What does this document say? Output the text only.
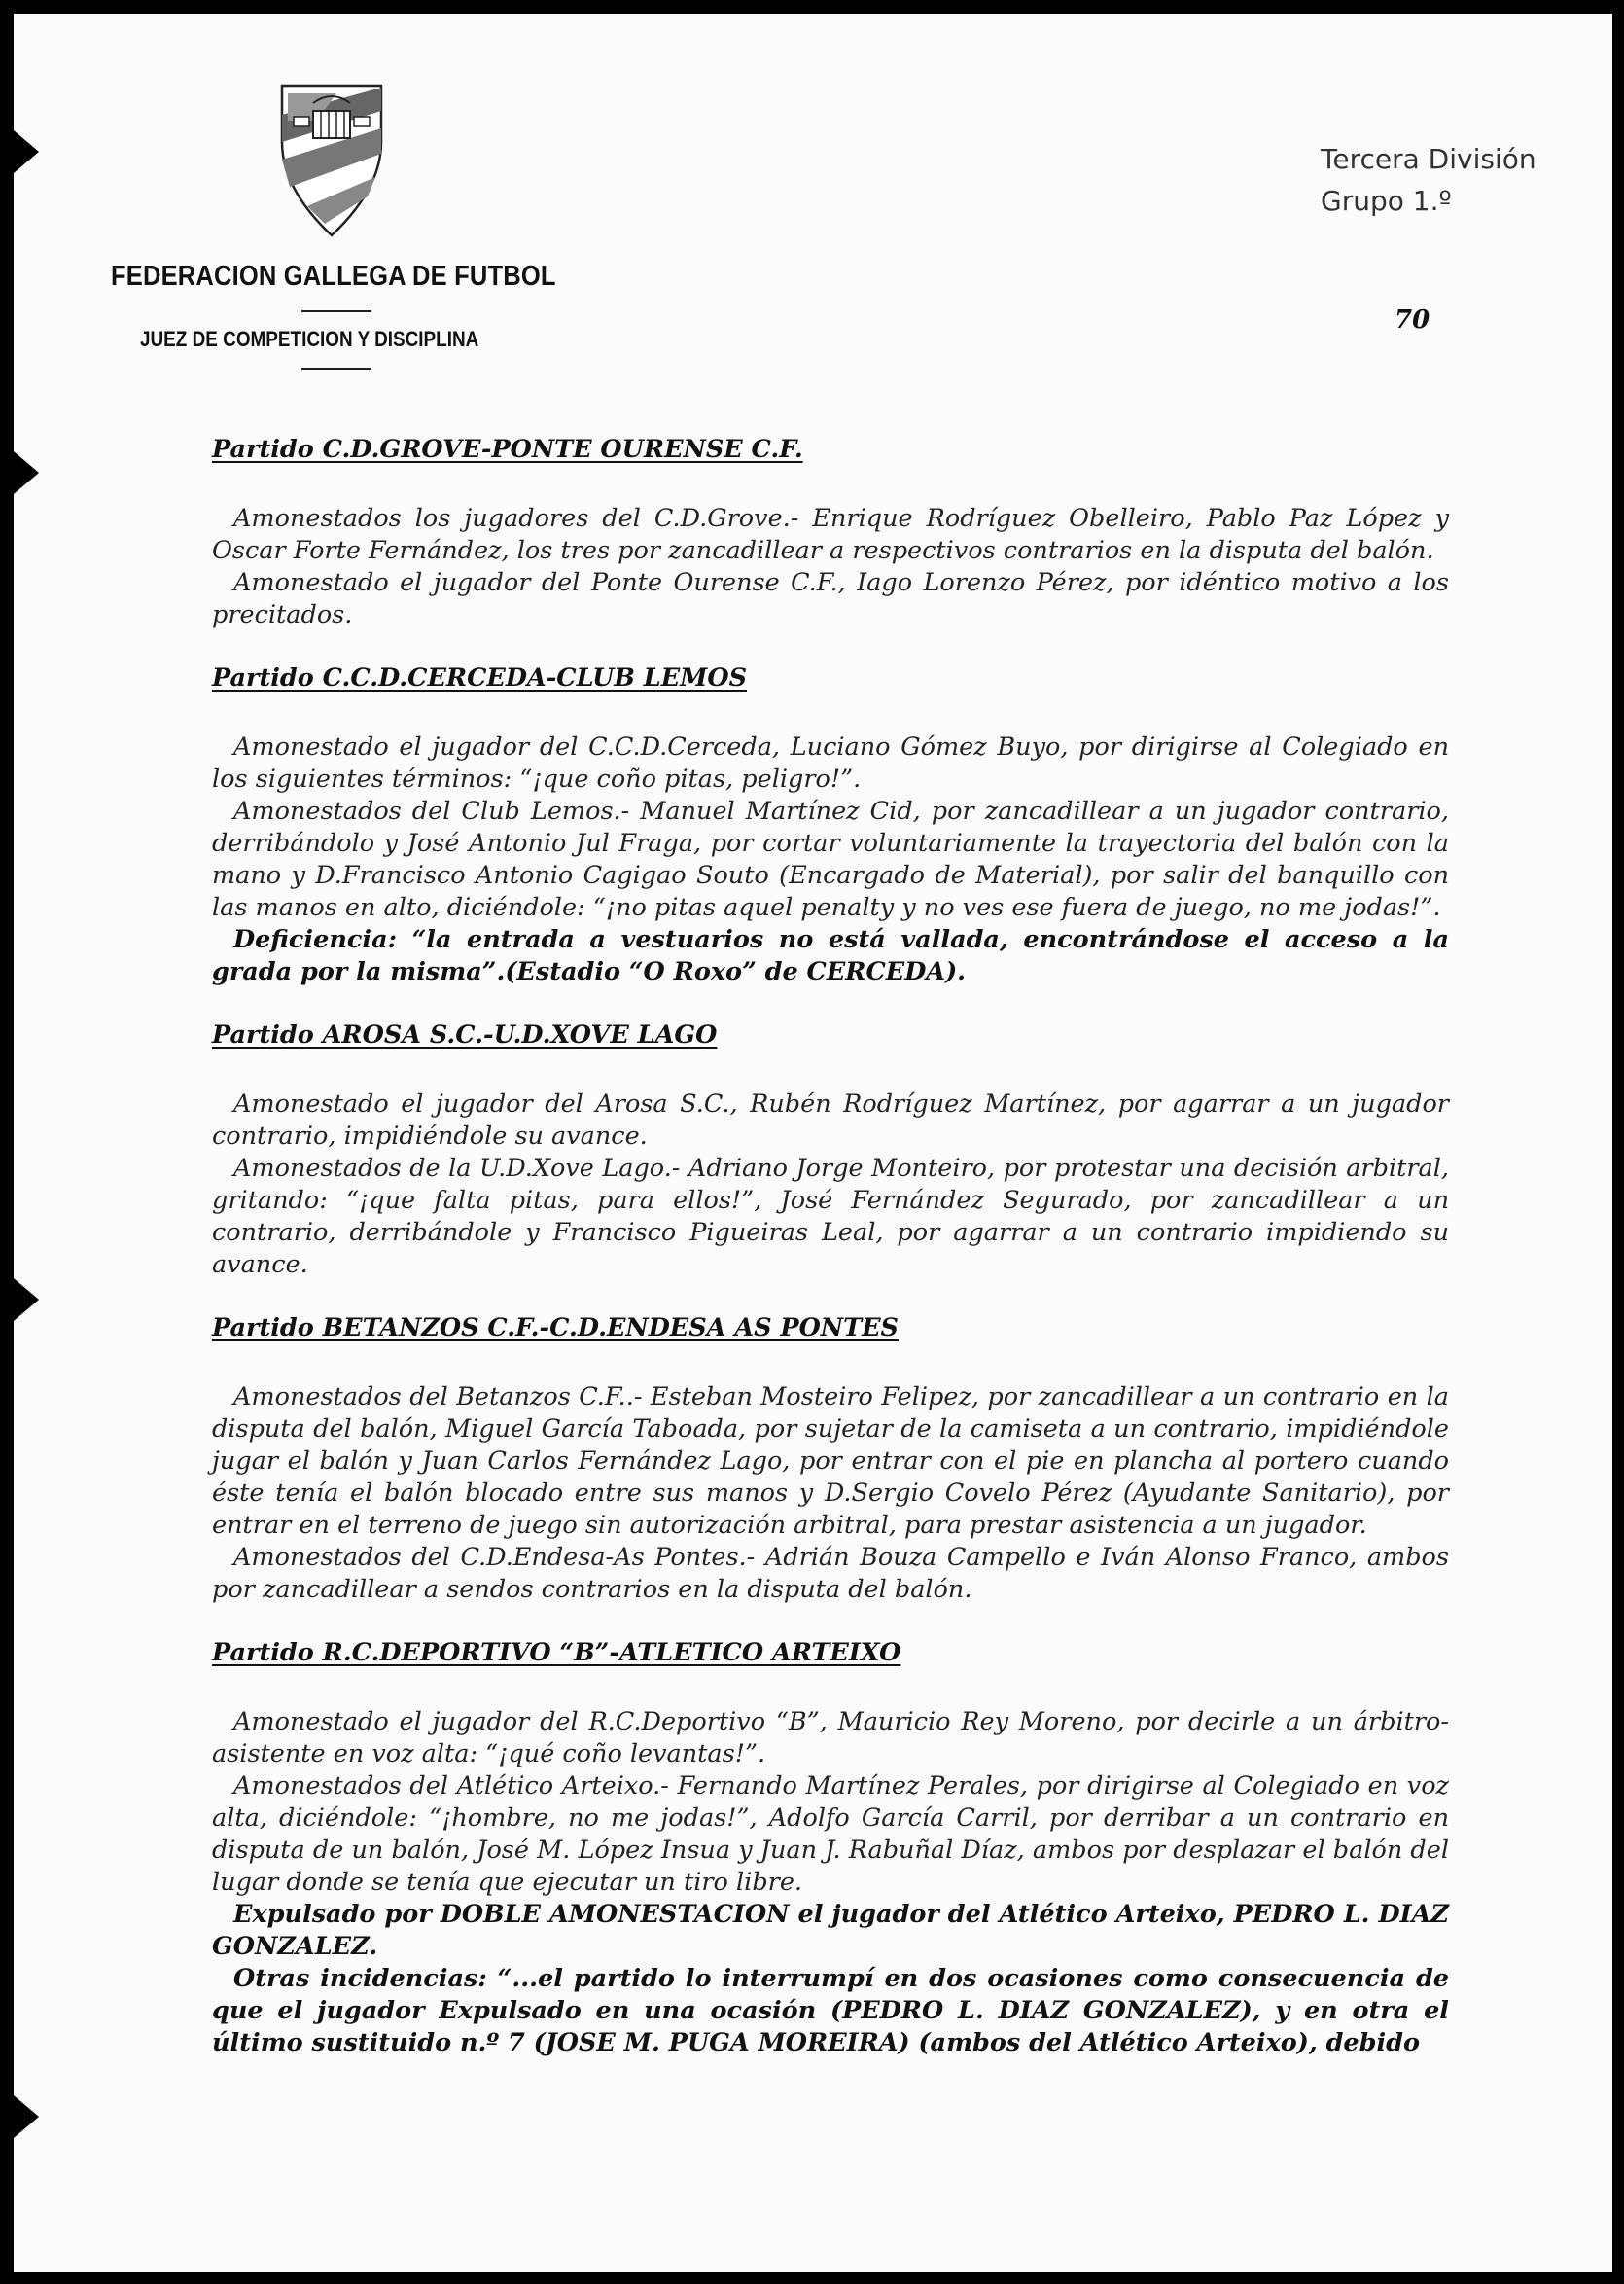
FEDERACION GALLEGA DE FUTBOL
JUEZ DE COMPETICION Y DISCIPLINA
Tercera División
Grupo 1.º
70
Partido C.D.GROVE-PONTE OURENSE C.F.

Amonestados los jugadores del C.D.Grove.- Enrique Rodríguez Obelleiro, Pablo Paz López y Oscar Forte Fernández, los tres por zancadillear a respectivos contrarios en la disputa del balón.

Amonestado el jugador del Ponte Ourense C.F., Iago Lorenzo Pérez, por idéntico motivo a los precitados.

Partido C.C.D.CERCEDA-CLUB LEMOS

Amonestado el jugador del C.C.D.Cerceda, Luciano Gómez Buyo, por dirigirse al Colegiado en los siguientes términos: “¡que coño pitas, peligro!”.

Amonestados del Club Lemos.- Manuel Martínez Cid, por zancadillear a un jugador contrario, derribándolo y José Antonio Jul Fraga, por cortar voluntariamente la trayectoria del balón con la mano y D.Francisco Antonio Cagigao Souto (Encargado de Material), por salir del banquillo con las manos en alto, diciéndole: “¡no pitas aquel penalty y no ves ese fuera de juego, no me jodas!”.

Deficiencia: “la entrada a vestuarios no está vallada, encontrándose el acceso a la grada por la misma”.(Estadio “O Roxo” de CERCEDA).

Partido AROSA S.C.-U.D.XOVE LAGO

Amonestado el jugador del Arosa S.C., Rubén Rodríguez Martínez, por agarrar a un jugador contrario, impidiéndole su avance.

Amonestados de la U.D.Xove Lago.- Adriano Jorge Monteiro, por protestar una decisión arbitral, gritando: “¡que falta pitas, para ellos!”, José Fernández Segurado, por zancadillear a un contrario, derribándole y Francisco Pigueiras Leal, por agarrar a un contrario impidiendo su avance.

Partido BETANZOS C.F.-C.D.ENDESA AS PONTES

Amonestados del Betanzos C.F..- Esteban Mosteiro Felipez, por zancadillear a un contrario en la disputa del balón, Miguel García Taboada, por sujetar de la camiseta a un contrario, impidiéndole jugar el balón y Juan Carlos Fernández Lago, por entrar con el pie en plancha al portero cuando éste tenía el balón blocado entre sus manos y D.Sergio Covelo Pérez (Ayudante Sanitario), por entrar en el terreno de juego sin autorización arbitral, para prestar asistencia a un jugador.

Amonestados del C.D.Endesa-As Pontes.- Adrián Bouza Campello e Iván Alonso Franco, ambos por zancadillear a sendos contrarios en la disputa del balón.

Partido R.C.DEPORTIVO “B”-ATLETICO ARTEIXO

Amonestado el jugador del R.C.Deportivo “B”, Mauricio Rey Moreno, por decirle a un árbitro-asistente en voz alta: “¡qué coño levantas!”.

Amonestados del Atlético Arteixo.- Fernando Martínez Perales, por dirigirse al Colegiado en voz alta, diciéndole: “¡hombre, no me jodas!”, Adolfo García Carril, por derribar a un contrario en disputa de un balón, José M. López Insua y Juan J. Rabuñal Díaz, ambos por desplazar el balón del lugar donde se tenía que ejecutar un tiro libre.

Expulsado por DOBLE AMONESTACION el jugador del Atlético Arteixo, PEDRO L. DIAZ GONZALEZ.

Otras incidencias: “...el partido lo interrumpí en dos ocasiones como consecuencia de que el jugador Expulsado en una ocasión (PEDRO L. DIAZ GONZALEZ), y en otra el último sustituido n.º 7 (JOSE M. PUGA MOREIRA) (ambos del Atlético Arteixo), debido
